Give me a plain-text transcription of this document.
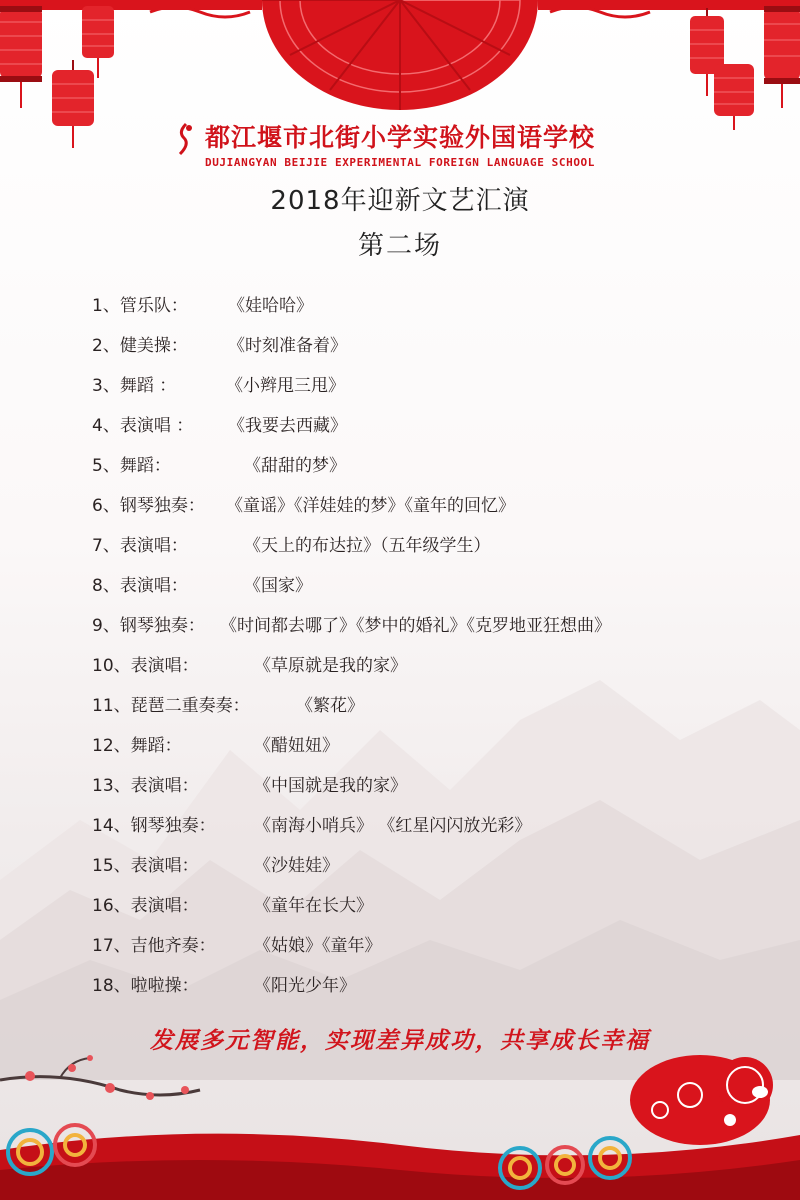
都江堰市北街小学实验外国语学校
DUJIANGYAN BEIJIE EXPERIMENTAL FOREIGN LANGUAGE SCHOOL
2018年迎新文艺汇演
第二场
1、管乐队： 《娃哈哈》
2、健美操： 《时刻准备着》
3、舞蹈 ：	《小辫甩三甩》
4、表演唱 ： 《我要去西藏》
5、舞蹈：	《甜甜的梦》
6、钢琴独奏： 《童谣》《洋娃娃的梦》《童年的回忆》
7、表演唱：	《天上的布达拉》（五年级学生）
8、表演唱：	《国家》
9、钢琴独奏： 《时间都去哪了》《梦中的婚礼》《克罗地亚狂想曲》
10、表演唱：	《草原就是我的家》
11、琵琶二重奏奏：	《繁花》
12、舞蹈：	《醋妞妞》
13、表演唱：	《中国就是我的家》
14、钢琴独奏： 《南海小哨兵》 《红星闪闪放光彩》
15、表演唱：	《沙娃娃》
16、表演唱：	《童年在长大》
17、吉他齐奏： 《姑娘》《童年》
18、啦啦操：	《阳光少年》
发展多元智能，实现差异成功，共享成长幸福
